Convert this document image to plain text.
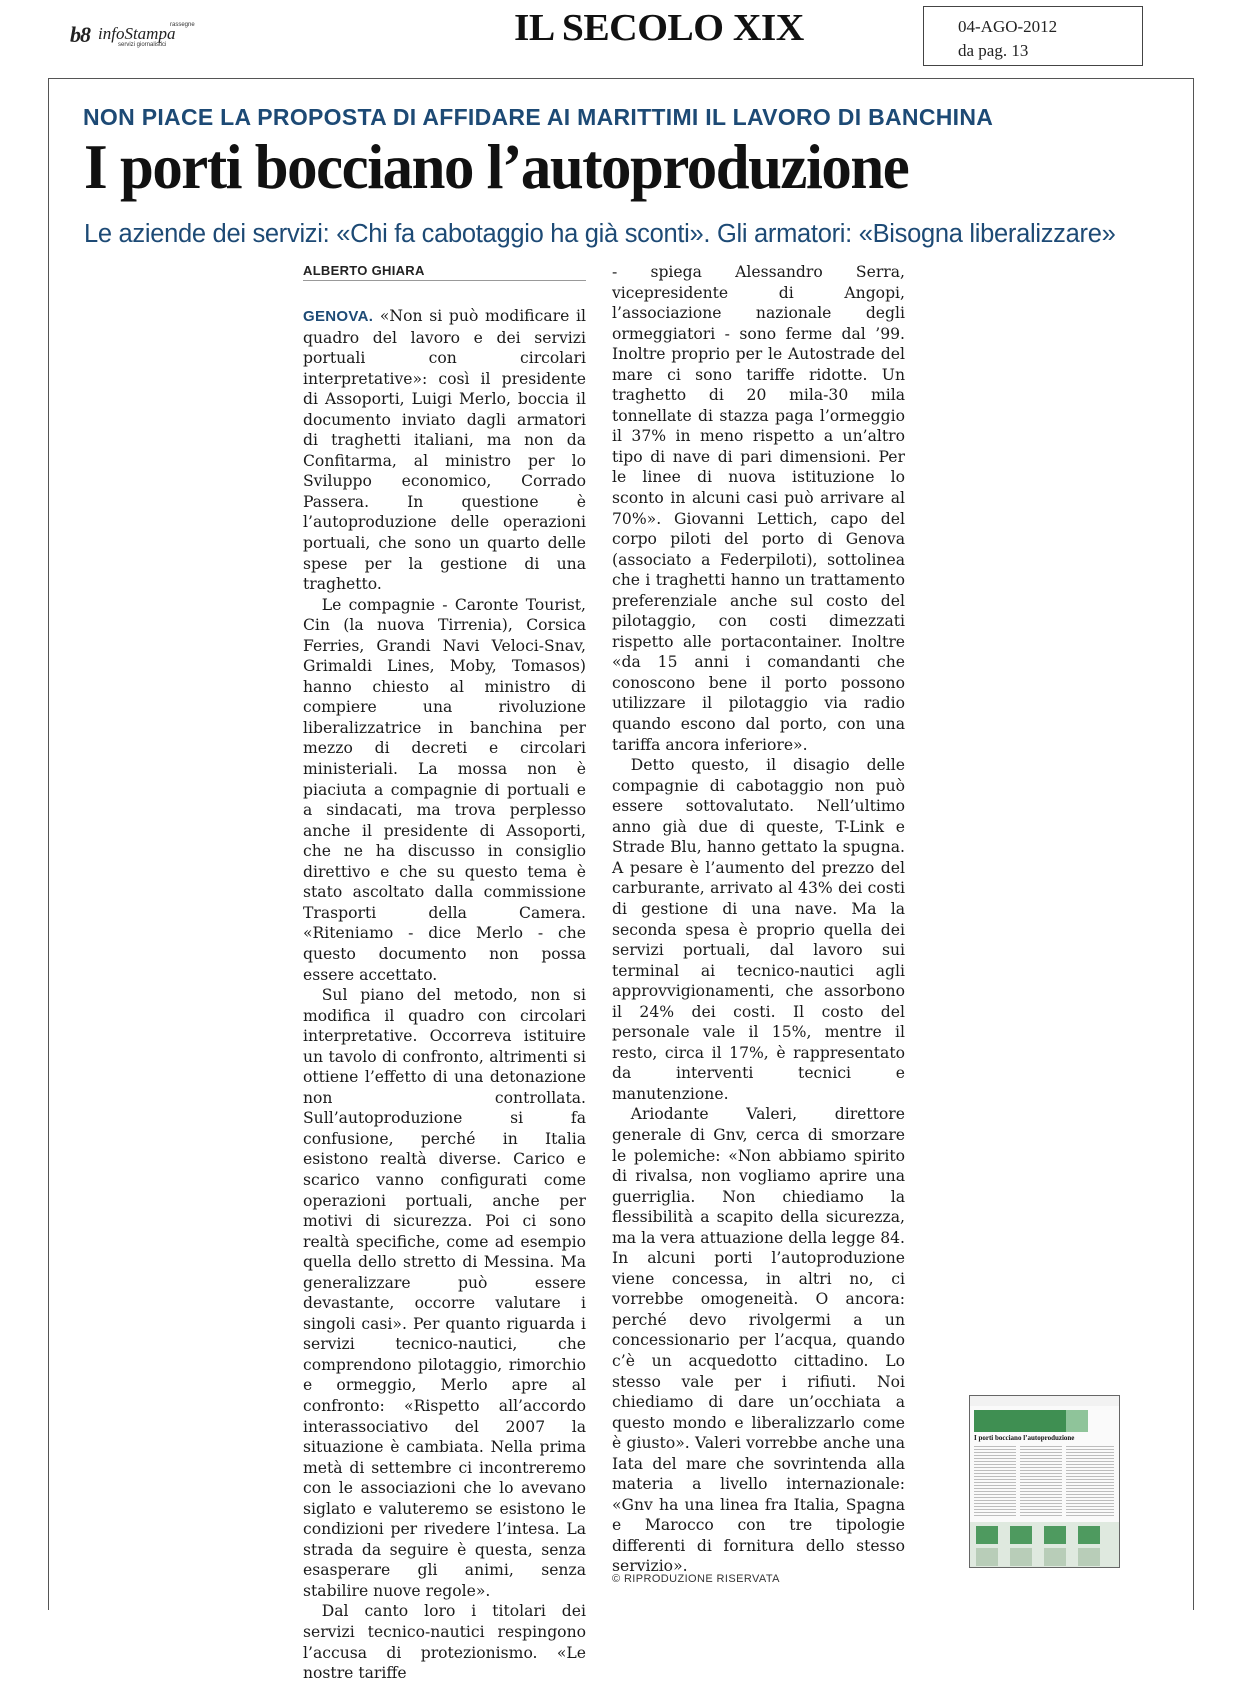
b8 infoStampa
rassegne
servizi giornalistici	IL SECOLO XIX	04-AGO-2012
da pag. 13
NON PIACE LA PROPOSTA DI AFFIDARE AI MARITTIMI IL LAVORO DI BANCHINA
I porti bocciano l’autoproduzione
Le aziende dei servizi: «Chi fa cabotaggio ha già sconti». Gli armatori: «Bisogna liberalizzare»
ALBERTO GHIARA

GENOVA. «Non si può modificare il quadro del lavoro e dei servizi portuali con circolari interpretative»: così il presidente di Assoporti, Luigi Merlo, boccia il documento inviato dagli armatori di traghetti italiani, ma non da Confitarma, al ministro per lo Sviluppo economico, Corrado Passera. In questione è l’autoproduzione delle operazioni portuali, che sono un quarto delle spese per la gestione di una traghetto.

Le compagnie - Caronte Tourist, Cin (la nuova Tirrenia), Corsica Ferries, Grandi Navi Veloci-Snav, Grimaldi Lines, Moby, Tomasos) hanno chiesto al ministro di compiere una rivoluzione liberalizzatrice in banchina per mezzo di decreti e circolari ministeriali. La mossa non è piaciuta a compagnie di portuali e a sindacati, ma trova perplesso anche il presidente di Assoporti, che ne ha discusso in consiglio direttivo e che su questo tema è stato ascoltato dalla commissione Trasporti della Camera. «Riteniamo - dice Merlo - che questo documento non possa essere accettato.

Sul piano del metodo, non si modifica il quadro con circolari interpretative. Occorreva istituire un tavolo di confronto, altrimenti si ottiene l’effetto di una detonazione non controllata. Sull’autoproduzione si fa confusione, perché in Italia esistono realtà diverse. Carico e scarico vanno configurati come operazioni portuali, anche per motivi di sicurezza. Poi ci sono realtà specifiche, come ad esempio quella dello stretto di Messina. Ma generalizzare può essere devastante, occorre valutare i singoli casi». Per quanto riguarda i servizi tecnico-nautici, che comprendono pilotaggio, rimorchio e ormeggio, Merlo apre al confronto: «Rispetto all’accordo interassociativo del 2007 la situazione è cambiata. Nella prima metà di settembre ci incontreremo con le associazioni che lo avevano siglato e valuteremo se esistono le condizioni per rivedere l’intesa. La strada da seguire è questa, senza esasperare gli animi, senza stabilire nuove regole».

Dal canto loro i titolari dei servizi tecnico-nautici respingono l’accusa di protezionismo. «Le nostre tariffe

- spiega Alessandro Serra, vicepresidente di Angopi, l’associazione nazionale degli ormeggiatori - sono ferme dal ’99. Inoltre proprio per le Autostrade del mare ci sono tariffe ridotte. Un traghetto di 20 mila-30 mila tonnellate di stazza paga l’ormeggio il 37% in meno rispetto a un’altro tipo di nave di pari dimensioni. Per le linee di nuova istituzione lo sconto in alcuni casi può arrivare al 70%». Giovanni Lettich, capo del corpo piloti del porto di Genova (associato a Federpiloti), sottolinea che i traghetti hanno un trattamento preferenziale anche sul costo del pilotaggio, con costi dimezzati rispetto alle portacontainer. Inoltre «da 15 anni i comandanti che conoscono bene il porto possono utilizzare il pilotaggio via radio quando escono dal porto, con una tariffa ancora inferiore».

Detto questo, il disagio delle compagnie di cabotaggio non può essere sottovalutato. Nell’ultimo anno già due di queste, T-Link e Strade Blu, hanno gettato la spugna. A pesare è l’aumento del prezzo del carburante, arrivato al 43% dei costi di gestione di una nave. Ma la seconda spesa è proprio quella dei servizi portuali, dal lavoro sui terminal ai tecnico-nautici agli approvvigionamenti, che assorbono il 24% dei costi. Il costo del personale vale il 15%, mentre il resto, circa il 17%, è rappresentato da interventi tecnici e manutenzione.

Ariodante Valeri, direttore generale di Gnv, cerca di smorzare le polemiche: «Non abbiamo spirito di rivalsa, non vogliamo aprire una guerriglia. Non chiediamo la flessibilità a scapito della sicurezza, ma la vera attuazione della legge 84. In alcuni porti l’autoproduzione viene concessa, in altri no, ci vorrebbe omogeneità. O ancora: perché devo rivolgermi a un concessionario per l’acqua, quando c’è un acquedotto cittadino. Lo stesso vale per i rifiuti. Noi chiediamo di dare un’occhiata a questo mondo e liberalizzarlo come è giusto». Valeri vorrebbe anche una Iata del mare che sovrintenda alla materia a livello internazionale: «Gnv ha una linea fra Italia, Spagna e Marocco con tre tipologie differenti di fornitura dello stesso servizio».

© RIPRODUZIONE RISERVATA
I porti bocciano l’autoproduzione
